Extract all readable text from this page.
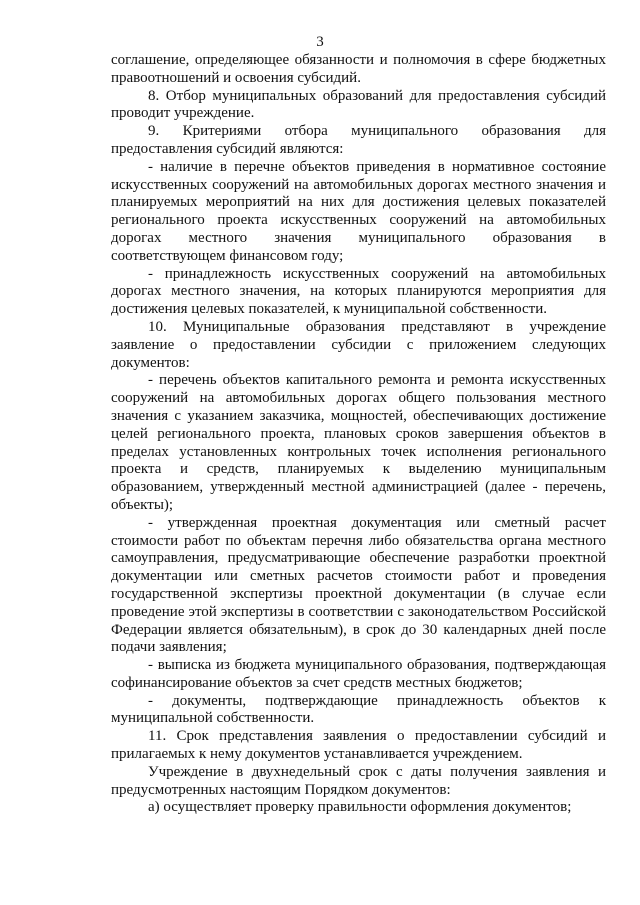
3

соглашение, определяющее обязанности и полномочия в сфере бюджетных правоотношений и освоения субсидий.

8. Отбор муниципальных образований для предоставления субсидий проводит учреждение.

9. Критериями отбора муниципального образования для предоставления субсидий являются:

- наличие в перечне объектов приведения в нормативное состояние искусственных сооружений на автомобильных дорогах местного значения и планируемых мероприятий на них для достижения целевых показателей регионального проекта искусственных сооружений на автомобильных дорогах местного значения муниципального образования в соответствующем финансовом году;

- принадлежность искусственных сооружений на автомобильных дорогах местного значения, на которых планируются мероприятия для достижения целевых показателей, к муниципальной собственности.

10. Муниципальные образования представляют в учреждение заявление о предоставлении субсидии с приложением следующих документов:

- перечень объектов капитального ремонта и ремонта искусственных сооружений на автомобильных дорогах общего пользования местного значения с указанием заказчика, мощностей, обеспечивающих достижение целей регионального проекта, плановых сроков завершения объектов в пределах установленных контрольных точек исполнения регионального проекта и средств, планируемых к выделению муниципальным образованием, утвержденный местной администрацией (далее - перечень, объекты);

- утвержденная проектная документация или сметный расчет стоимости работ по объектам перечня либо обязательства органа местного самоуправления, предусматривающие обеспечение разработки проектной документации или сметных расчетов стоимости работ и проведения государственной экспертизы проектной документации (в случае если проведение этой экспертизы в соответствии с законодательством Российской Федерации является обязательным), в срок до 30 календарных дней после подачи заявления;

- выписка из бюджета муниципального образования, подтверждающая софинансирование объектов за счет средств местных бюджетов;

- документы, подтверждающие принадлежность объектов к муниципальной собственности.

11. Срок представления заявления о предоставлении субсидий и прилагаемых к нему документов устанавливается учреждением.

Учреждение в двухнедельный срок с даты получения заявления и предусмотренных настоящим Порядком документов:

а) осуществляет проверку правильности оформления документов;
